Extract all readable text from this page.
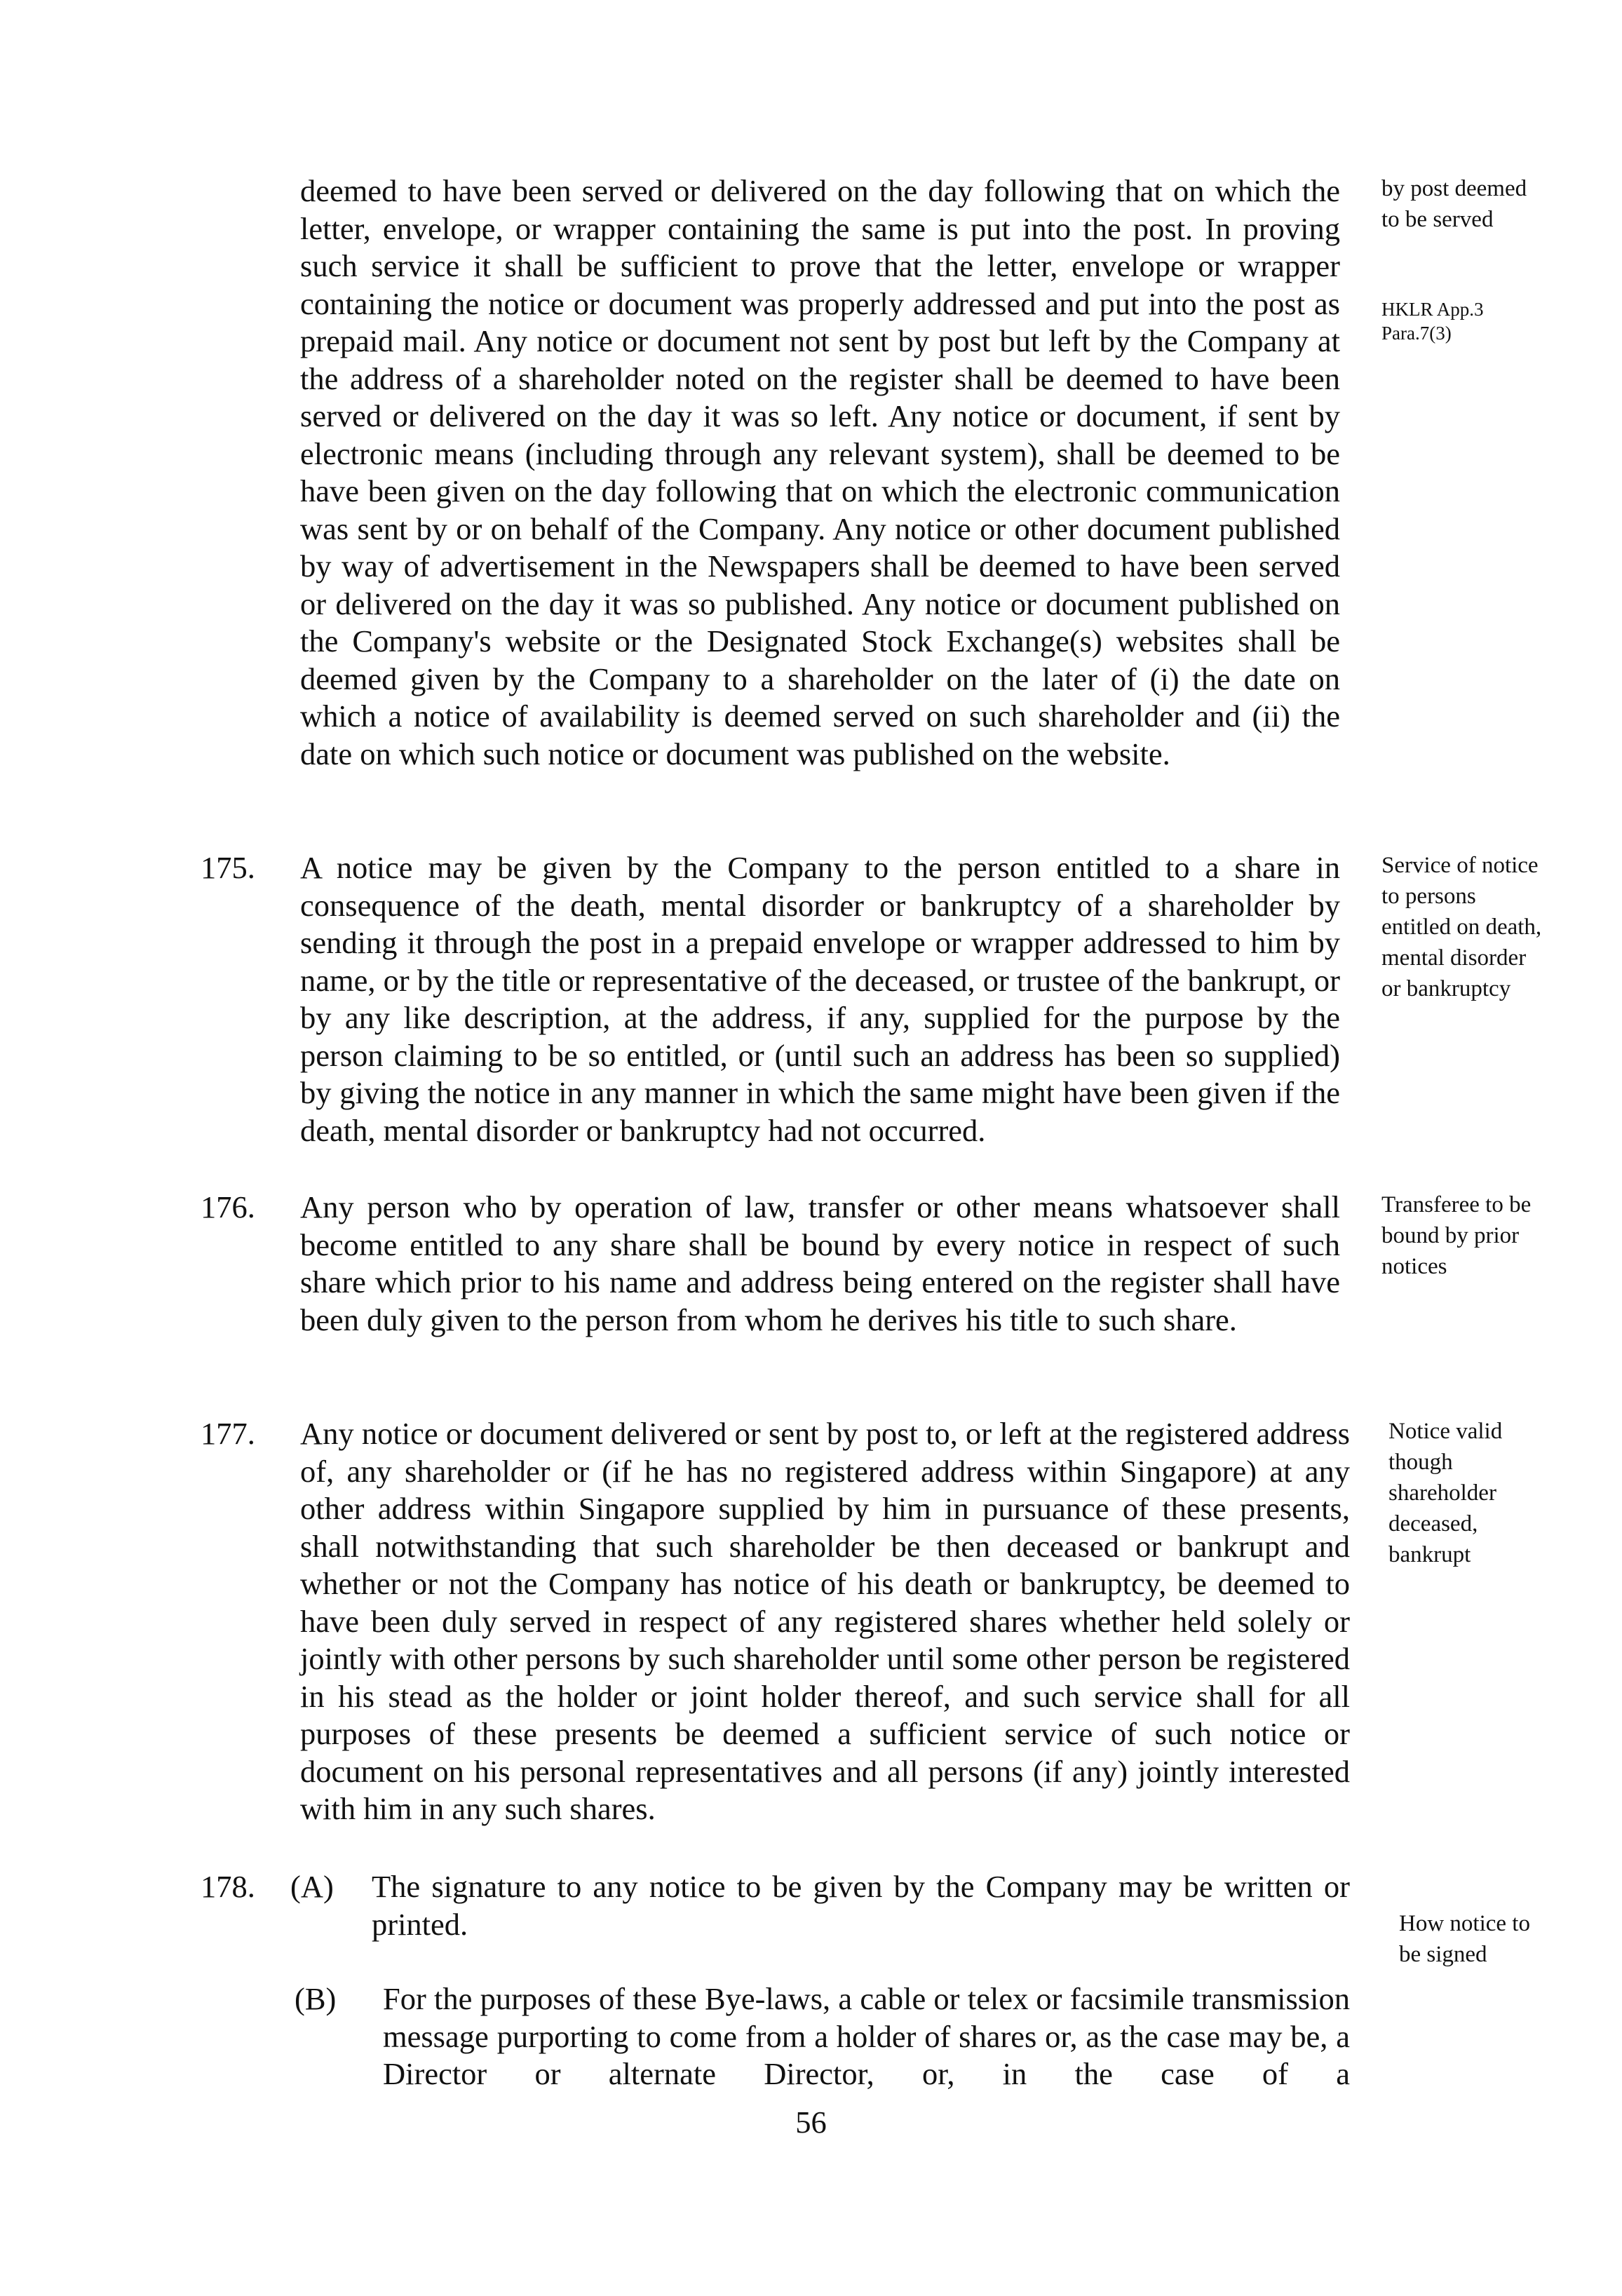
deemed to have been served or delivered on the day following that on which the letter, envelope, or wrapper containing the same is put into the post. In proving such service it shall be sufficient to prove that the letter, envelope or wrapper containing the notice or document was properly addressed and put into the post as prepaid mail. Any notice or document not sent by post but left by the Company at the address of a shareholder noted on the register shall be deemed to have been served or delivered on the day it was so left. Any notice or document, if sent by electronic means (including through any relevant system), shall be deemed to be have been given on the day following that on which the electronic communication was sent by or on behalf of the Company. Any notice or other document published by way of advertisement in the Newspapers shall be deemed to have been served or delivered on the day it was so published. Any notice or document published on the Company's website or the Designated Stock Exchange(s) websites shall be deemed given by the Company to a shareholder on the later of (i) the date on which a notice of availability is deemed served on such shareholder and (ii) the date on which such notice or document was published on the website.
by post deemed to be served
HKLR App.3
Para.7(3)
175. A notice may be given by the Company to the person entitled to a share in consequence of the death, mental disorder or bankruptcy of a shareholder by sending it through the post in a prepaid envelope or wrapper addressed to him by name, or by the title or representative of the deceased, or trustee of the bankrupt, or by any like description, at the address, if any, supplied for the purpose by the person claiming to be so entitled, or (until such an address has been so supplied) by giving the notice in any manner in which the same might have been given if the death, mental disorder or bankruptcy had not occurred.
Service of notice to persons entitled on death, mental disorder or bankruptcy
176. Any person who by operation of law, transfer or other means whatsoever shall become entitled to any share shall be bound by every notice in respect of such share which prior to his name and address being entered on the register shall have been duly given to the person from whom he derives his title to such share.
Transferee to be bound by prior notices
177. Any notice or document delivered or sent by post to, or left at the registered address of, any shareholder or (if he has no registered address within Singapore) at any other address within Singapore supplied by him in pursuance of these presents, shall notwithstanding that such shareholder be then deceased or bankrupt and whether or not the Company has notice of his death or bankruptcy, be deemed to have been duly served in respect of any registered shares whether held solely or jointly with other persons by such shareholder until some other person be registered in his stead as the holder or joint holder thereof, and such service shall for all purposes of these presents be deemed a sufficient service of such notice or document on his personal representatives and all persons (if any) jointly interested with him in any such shares.
Notice valid though shareholder deceased, bankrupt
178. (A) The signature to any notice to be given by the Company may be written or printed.	How notice to be signed
(B) For the purposes of these Bye-laws, a cable or telex or facsimile transmission message purporting to come from a holder of shares or, as the case may be, a Director or alternate Director, or, in the case of a
56
